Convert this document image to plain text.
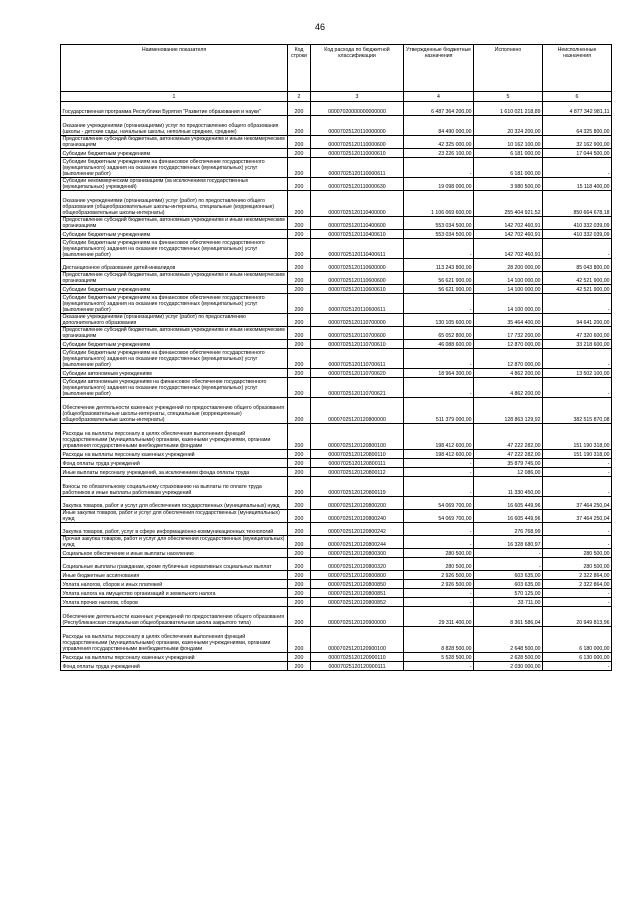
46
Наименование показателя	Код строки	Код расхода по бюджетной классификации	Утвержденные бюджетные назначения	Исполнено	Неисполненные назначения
1	2	3	4	5	6
Государственная программа Республики Бурятия "Развитие образования и науки"	200	00007020000000000000	6 487 364 200,00	1 610 021 218,89	4 877 342 981,11
Оказание учреждениями (организациями) услуг по предоставлению общего образования (школы - детские сады, начальные школы, неполные средние, средние)	200	00007025120110000000	84 490 000,00	20 324 200,00	64 325 800,00
Предоставление субсидий бюджетным, автономным учреждениям и иным некоммерческим организациям	200	00007025120110000600	42 325 000,00	10 162 100,00	32 162 900,00
Субсидии бюджетным учреждениям	200	00007025120110000610	23 226 100,00	6 181 000,00	17 044 500,00
Субсидии бюджетным учреждениям на финансовое обеспечение государственного (муниципального) задания на оказание государственных (муниципальных) услуг (выполнение работ)	200	00007025120110000611	-	6 181 000,00	-
Субсидии некоммерческим организациям (за исключением государственных (муниципальных) учреждений)	200	00007025120110000630	19 098 000,00	3 980 500,00	15 118 400,00
Оказание учреждениями (организациями) услуг (работ) по предоставлению общего образования (общеобразовательные школы-интернаты, специальные (коррекционные) общеобразовательные школы-интернаты)	200	00007025120110400000	1 106 069 600,00	255 404 921,52	850 664 678,18
Предоставление субсидий бюджетным, автономным учреждениям и иным некоммерческим организациям	200	00007025120110400600	553 034 500,00	142 702 460,91	410 332 039,09
Субсидии бюджетным учреждениям	200	00007025120110400610	553 034 500,00	142 702 460,91	410 332 039,09
Субсидии бюджетным учреждениям на финансовое обеспечение государственного (муниципального) задания на оказание государственных (муниципальных) услуг (выполнение работ)	200	00007025120110400611	-	142 702 460,91	-
Дистанционное образование детей-инвалидов	200	00007025120110600000	113 243 800,00	28 200 000,00	85 043 800,00
Предоставление субсидий бюджетным, автономным учреждениям и иным некоммерческим организациям	200	00007025120110600600	56 621 900,00	14 100 000,00	42 521 900,00
Субсидии бюджетным учреждениям	200	00007025120110600610	56 621 900,00	14 100 000,00	42 521 900,00
Субсидии бюджетным учреждениям на финансовое обеспечение государственного (муниципального) задания на оказание государственных (муниципальных) услуг (выполнение работ)	200	00007025120110600611	-	14 100 000,00	-
Оказание учреждениями (организациями) услуг (работ) по предоставлению дополнительного образования	200	00007025120110700000	130 105 600,00	35 464 400,00	94 641 200,00
Предоставление субсидий бюджетным, автономным учреждениям и иным некоммерческим организациям	200	00007025120110700600	65 052 800,00	17 732 200,00	47 320 600,00
Субсидии бюджетным учреждениям	200	00007025120110700610	46 088 600,00	12 870 000,00	33 218 600,00
Субсидии бюджетным учреждениям на финансовое обеспечение государственного (муниципального) задания на оказание государственных (муниципальных) услуг (выполнение работ)	200	00007025120110700611	-	12 870 000,00	-
Субсидии автономным учреждениям	200	00007025120110700620	18 964 300,00	4 862 200,00	13 502 100,00
Субсидии автономным учреждениям на финансовое обеспечение государственного (муниципального) задания на оказание государственных (муниципальных) услуг (выполнение работ)	200	00007025120110700621	-	4 862 200,00	-
Обеспечение деятельности казенных учреждений по предоставлению общего образования (общеобразовательные школы-интернаты, специальные (коррекционные) общеобразовательные школы-интернаты)	200	00007025120120800000	511 379 000,00	128 863 129,92	382 515 870,08
Расходы на выплаты персоналу в целях обеспечения выполнения функций государственными (муниципальными) органами, казенными учреждениями, органами управления государственными внебюджетными фондами	200	00007025120120800100	198 412 600,00	47 222 282,00	151 190 318,00
Расходы на выплаты персоналу казенных учреждений	200	00007025120120800110	198 412 600,00	47 222 282,00	151 190 318,00
Фонд оплаты труда учреждений	200	00007025120120800111	-	35 879 745,00	-
Иные выплаты персоналу учреждений, за исключением фонда оплаты труда	200	00007025120120800112	-	12 086,00	-
Взносы по обязательному социальному страхованию на выплаты по оплате труда работников и иные выплаты работникам учреждений	200	00007025120120800119	-	11 330 450,00	-
Закупка товаров, работ и услуг для обеспечения государственных (муниципальных) нужд	200	00007025120120800200	54 069 700,00	16 605 449,96	37 464 250,04
Иные закупки товаров, работ и услуг для обеспечения государственных (муниципальных) нужд	200	00007025120120800240	54 069 700,00	16 605 449,96	37 464 250,04
Закупка товаров, работ, услуг в сфере информационно-коммуникационных технологий	200	00007025120120800242	-	276 768,99	-
Прочая закупка товаров, работ и услуг для обеспечения государственных (муниципальных) нужд	200	00007025120120800244	-	16 328 680,97	-
Социальное обеспечение и иные выплаты населению	200	00007025120120800300	280 500,00	-	280 500,00
Социальные выплаты гражданам, кроме публичных нормативных социальных выплат	200	00007025120120800320	280 500,00	-	280 500,00
Иные бюджетные ассигнования	200	00007025120120800800	2 926 500,00	603 635,00	2 322 864,00
Уплата налогов, сборов и иных платежей	200	00007025120120800850	2 926 500,00	603 635,00	2 322 864,00
Уплата налога на имущество организаций и земельного налога	200	00007025120120800851	-	570 125,00	-
Уплата прочих налогов, сборов	200	00007025120120800852	-	33 711,00	-
Обеспечение деятельности казенных учреждений по предоставлению общего образования (Республиканская специальная общеобразовательная школа закрытого типа)	200	00007025120120900000	29 311 400,00	8 361 586,04	20 949 813,96
Расходы на выплаты персоналу в целях обеспечения выполнения функций государственными (муниципальными) органами, казенными учреждениями, органами управления государственными внебюджетными фондами	200	00007025120120900100	8 828 500,00	2 648 500,00	6 180 000,00
Расходы на выплаты персоналу казенных учреждений	200	00007025120120900110	5 528 500,00	2 628 500,00	6 130 000,00
Фонд оплаты труда учреждений	200	00007025120120900111	-	2 030 000,00	-
